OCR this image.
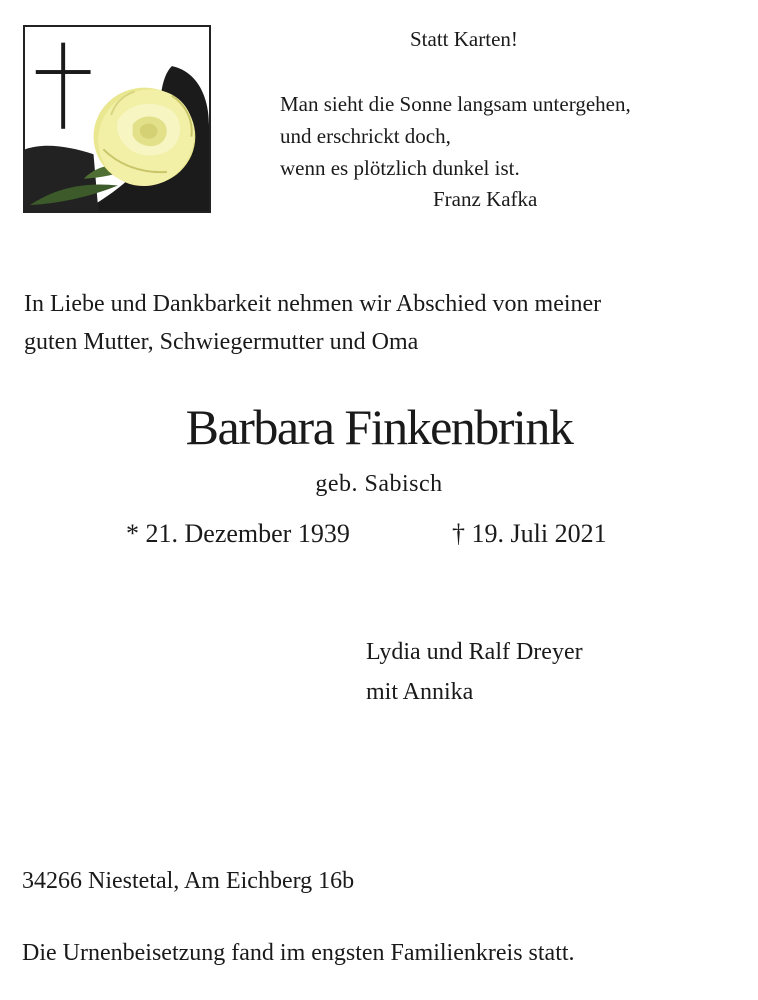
Statt Karten!
Man sieht die Sonne langsam untergehen,
und erschrickt doch,
wenn es plötzlich dunkel ist.
Franz Kafka
In Liebe und Dankbarkeit nehmen wir Abschied von meiner
guten Mutter, Schwiegermutter und Oma
Barbara Finkenbrink
geb. Sabisch
* 21. Dezember 1939	† 19. Juli 2021
Lydia und Ralf Dreyer
mit Annika
34266 Niestetal, Am Eichberg 16b
Die Urnenbeisetzung fand im engsten Familienkreis statt.
